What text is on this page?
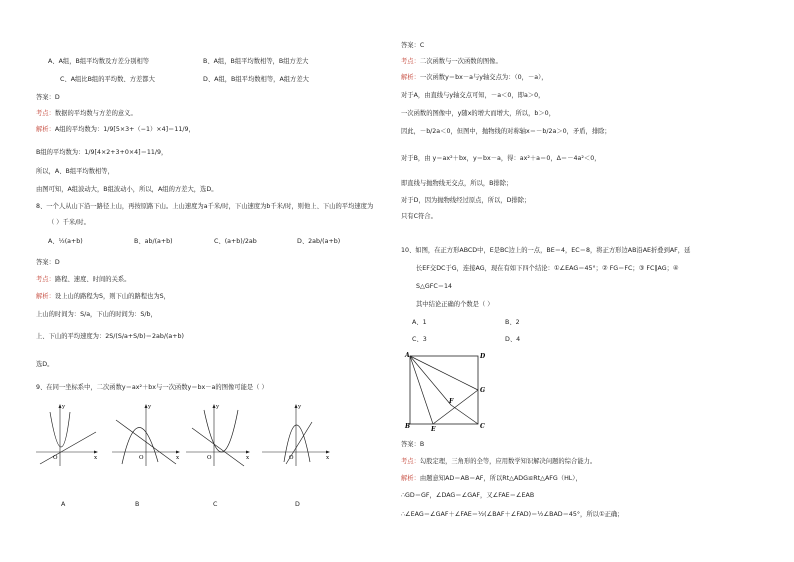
A、A组，B组平均数及方差分别相等	B、A组，B组平均数相等，B组方差大
C、A组比B组的平均数、方差都大	D、A组，B组平均数相等，A组方差大
答案：D
考点：数据的平均数与方差的意义。
解析：A组的平均数为：1/9[5×3+（−1）×4]＝11/9，
B组的平均数为：1/9[4×2+3+0×4]＝11/9，
所以，A、B组平均数相等，
由图可知，A组波动大，B组波动小，所以，A组的方差大，选D。
8、一个人从山下沿一路径上山，再按原路下山。上山速度为a千米/时，下山速度为b千米/时，则他上、下山的平均速度为
（ ）千米/时。
A、½(a+b)	B、ab/(a+b)	C、(a+b)/2ab	D、2ab/(a+b)
答案：D
考点：路程、速度、时间的关系。
解析：设上山的路程为S，则下山的路程也为S，
上山的时间为：S/a，下山的时间为：S/b，
上、下山的平均速度为：2S/(S/a+S/b)＝2ab/(a+b)
选D。
9、在同一坐标系中，二次函数y＝ax²＋bx与一次函数y＝bx－a的图像可能是（ ）
O	x
y
A
O	x
y
B
O	x
y
C
O	x
y
D
答案：C
考点：二次函数与一次函数的图像。
解析：一次函数y＝bx－a与y轴交点为：（0，－a），
对于A，由直线与y轴交点可知，－a＜0，即a＞0，
一次函数的图像中，y随x的增大而增大，所以，b＞0，
因此，－b/2a＜0，但图中，抛物线的对称轴x＝－b/2a＞0，矛盾，排除；
对于B，由 y＝ax²＋bx，y＝bx－a，得：ax²＋a＝0，Δ＝－4a²＜0，
即直线与抛物线无交点，所以，B排除；
对于D，因为抛物线经过原点，所以，D排除；
只有C符合。
10、如图，在正方形ABCD中，E是BC边上的一点，BE＝4，EC＝8，将正方形边AB沿AE折叠到AF，延
长EF交DC于G，连接AG，现在有如下四个结论：①∠EAG＝45°；② FG＝FC；③ FC∥AG；④
S△GFC＝14
其中结论正确的个数是（ ）
A、1	B、2
C、3	D、4
A	D
G
F
B	E	C
答案：B
考点：勾股定理，三角形的全等，应用数学知识解决问题的综合能力。
解析：由题意知AD＝AB＝AF，所以Rt△ADG≌Rt△AFG（HL），
∴GD＝GF，∠DAG＝∠GAF，又∠FAE＝∠EAB
∴∠EAG＝∠GAF＋∠FAE＝½(∠BAF＋∠FAD)＝½∠BAD＝45°，所以①正确；
